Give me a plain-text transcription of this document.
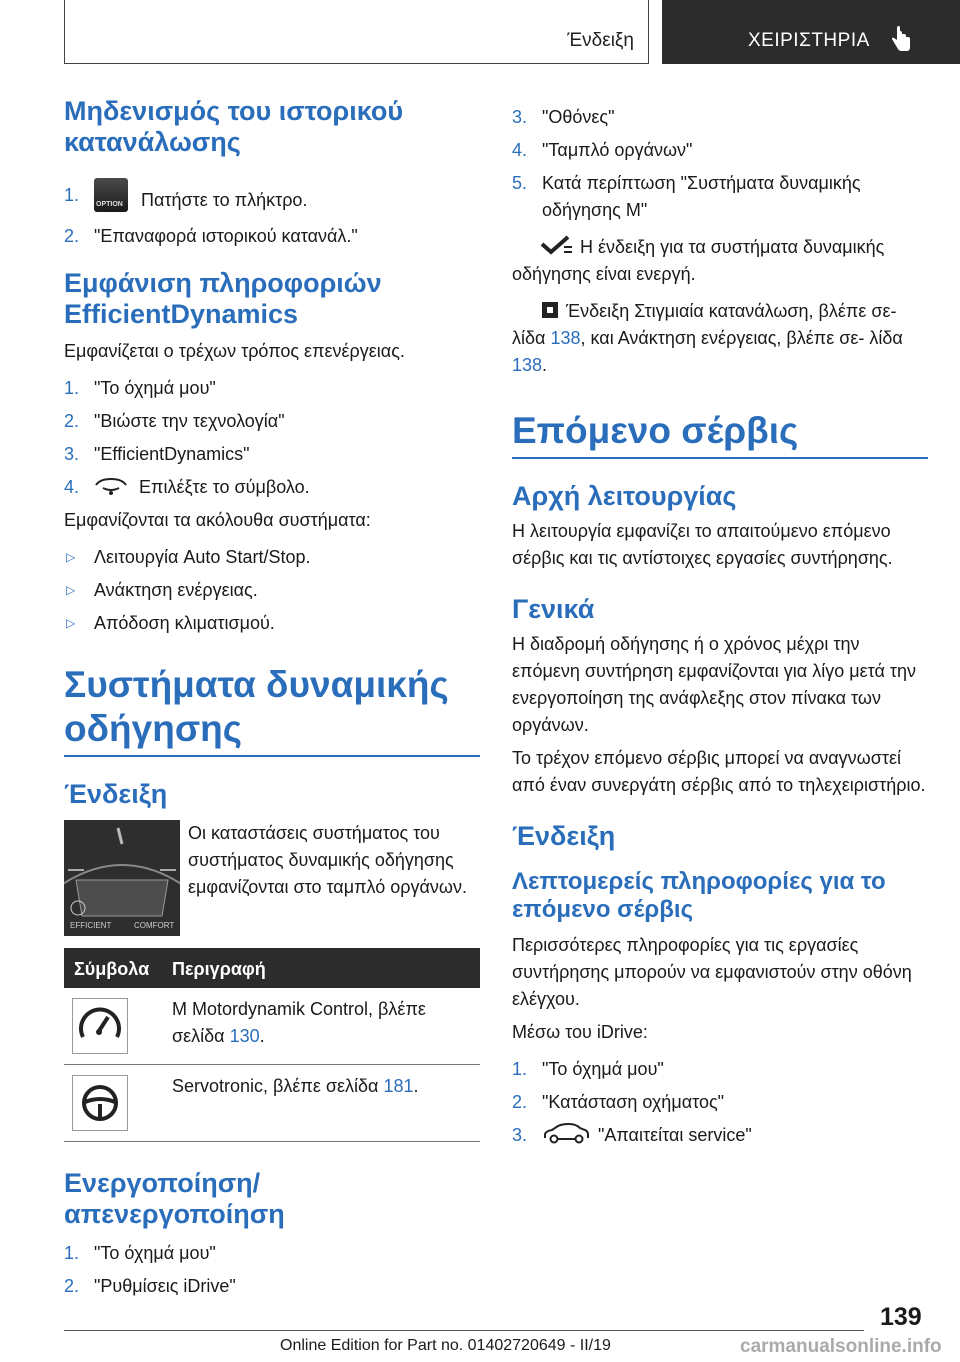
Ένδειξη	ΧΕΙΡΙΣΤΗΡΙΑ
Μηδενισμός του ιστορικού κατανάλωσης
1. OPTION Πατήστε το πλήκτρο.
2. "Επαναφορά ιστορικού κατανάλ."
Εμφάνιση πληροφοριών EfficientDynamics

Εμφανίζεται ο τρέχων τρόπος επενέργειας.

1. "Το όχημά μου"
2. "Βιώστε την τεχνολογία"
3. "EfficientDynamics"
4.	Επιλέξτε το σύμβολο.

Εμφανίζονται τα ακόλουθα συστήματα:

▷ Λειτουργία Auto Start/Stop.
▷ Ανάκτηση ενέργειας.
▷ Απόδοση κλιματισμού.
Συστήματα δυναμικής οδήγησης
Ένδειξη
EFFICIENT	COMFORT

Οι καταστάσεις συστήματος του συστήματος δυναμικής οδήγησης εμφανίζονται στο ταμπλό οργάνων.

Σύμβολα Περιγραφή
M Motordynamik Control, βλέπε σελίδα 130.
Servotronic, βλέπε σελίδα 181.
Ενεργοποίηση/απενεργοποίηση
1. "Το όχημά μου"
2. "Ρυθμίσεις iDrive"
3. "Οθόνες"
4. "Ταμπλό οργάνων"
5. Κατά περίπτωση "Συστήματα δυναμικής οδήγησης M"

Η ένδειξη για τα συστήματα δυναμικής οδήγησης είναι ενεργή.

Ένδειξη Στιγμιαία κατανάλωση, βλέπε σε- λίδα 138, και Ανάκτηση ενέργειας, βλέπε σε- λίδα 138.

Επόμενο σέρβις
Αρχή λειτουργίας

Η λειτουργία εμφανίζει το απαιτούμενο επόμενο σέρβις και τις αντίστοιχες εργασίες συντήρησης.

Γενικά

Η διαδρομή οδήγησης ή ο χρόνος μέχρι την επόμενη συντήρηση εμφανίζονται για λίγο μετά την ενεργοποίηση της ανάφλεξης στον πίνακα των οργάνων.

Το τρέχον επόμενο σέρβις μπορεί να αναγνωστεί από έναν συνεργάτη σέρβις από το τηλεχειριστήριο.

Ένδειξη
Λεπτομερείς πληροφορίες για το επόμενο σέρβις

Περισσότερες πληροφορίες για τις εργασίες συντήρησης μπορούν να εμφανιστούν στην οθόνη ελέγχου.

Μέσω του iDrive:

1. "Το όχημά μου"
2. "Κατάσταση οχήματος"
3.	"Απαιτείται service"
139
Online Edition for Part no. 01402720649 - II/19	carmanualsonline.info
